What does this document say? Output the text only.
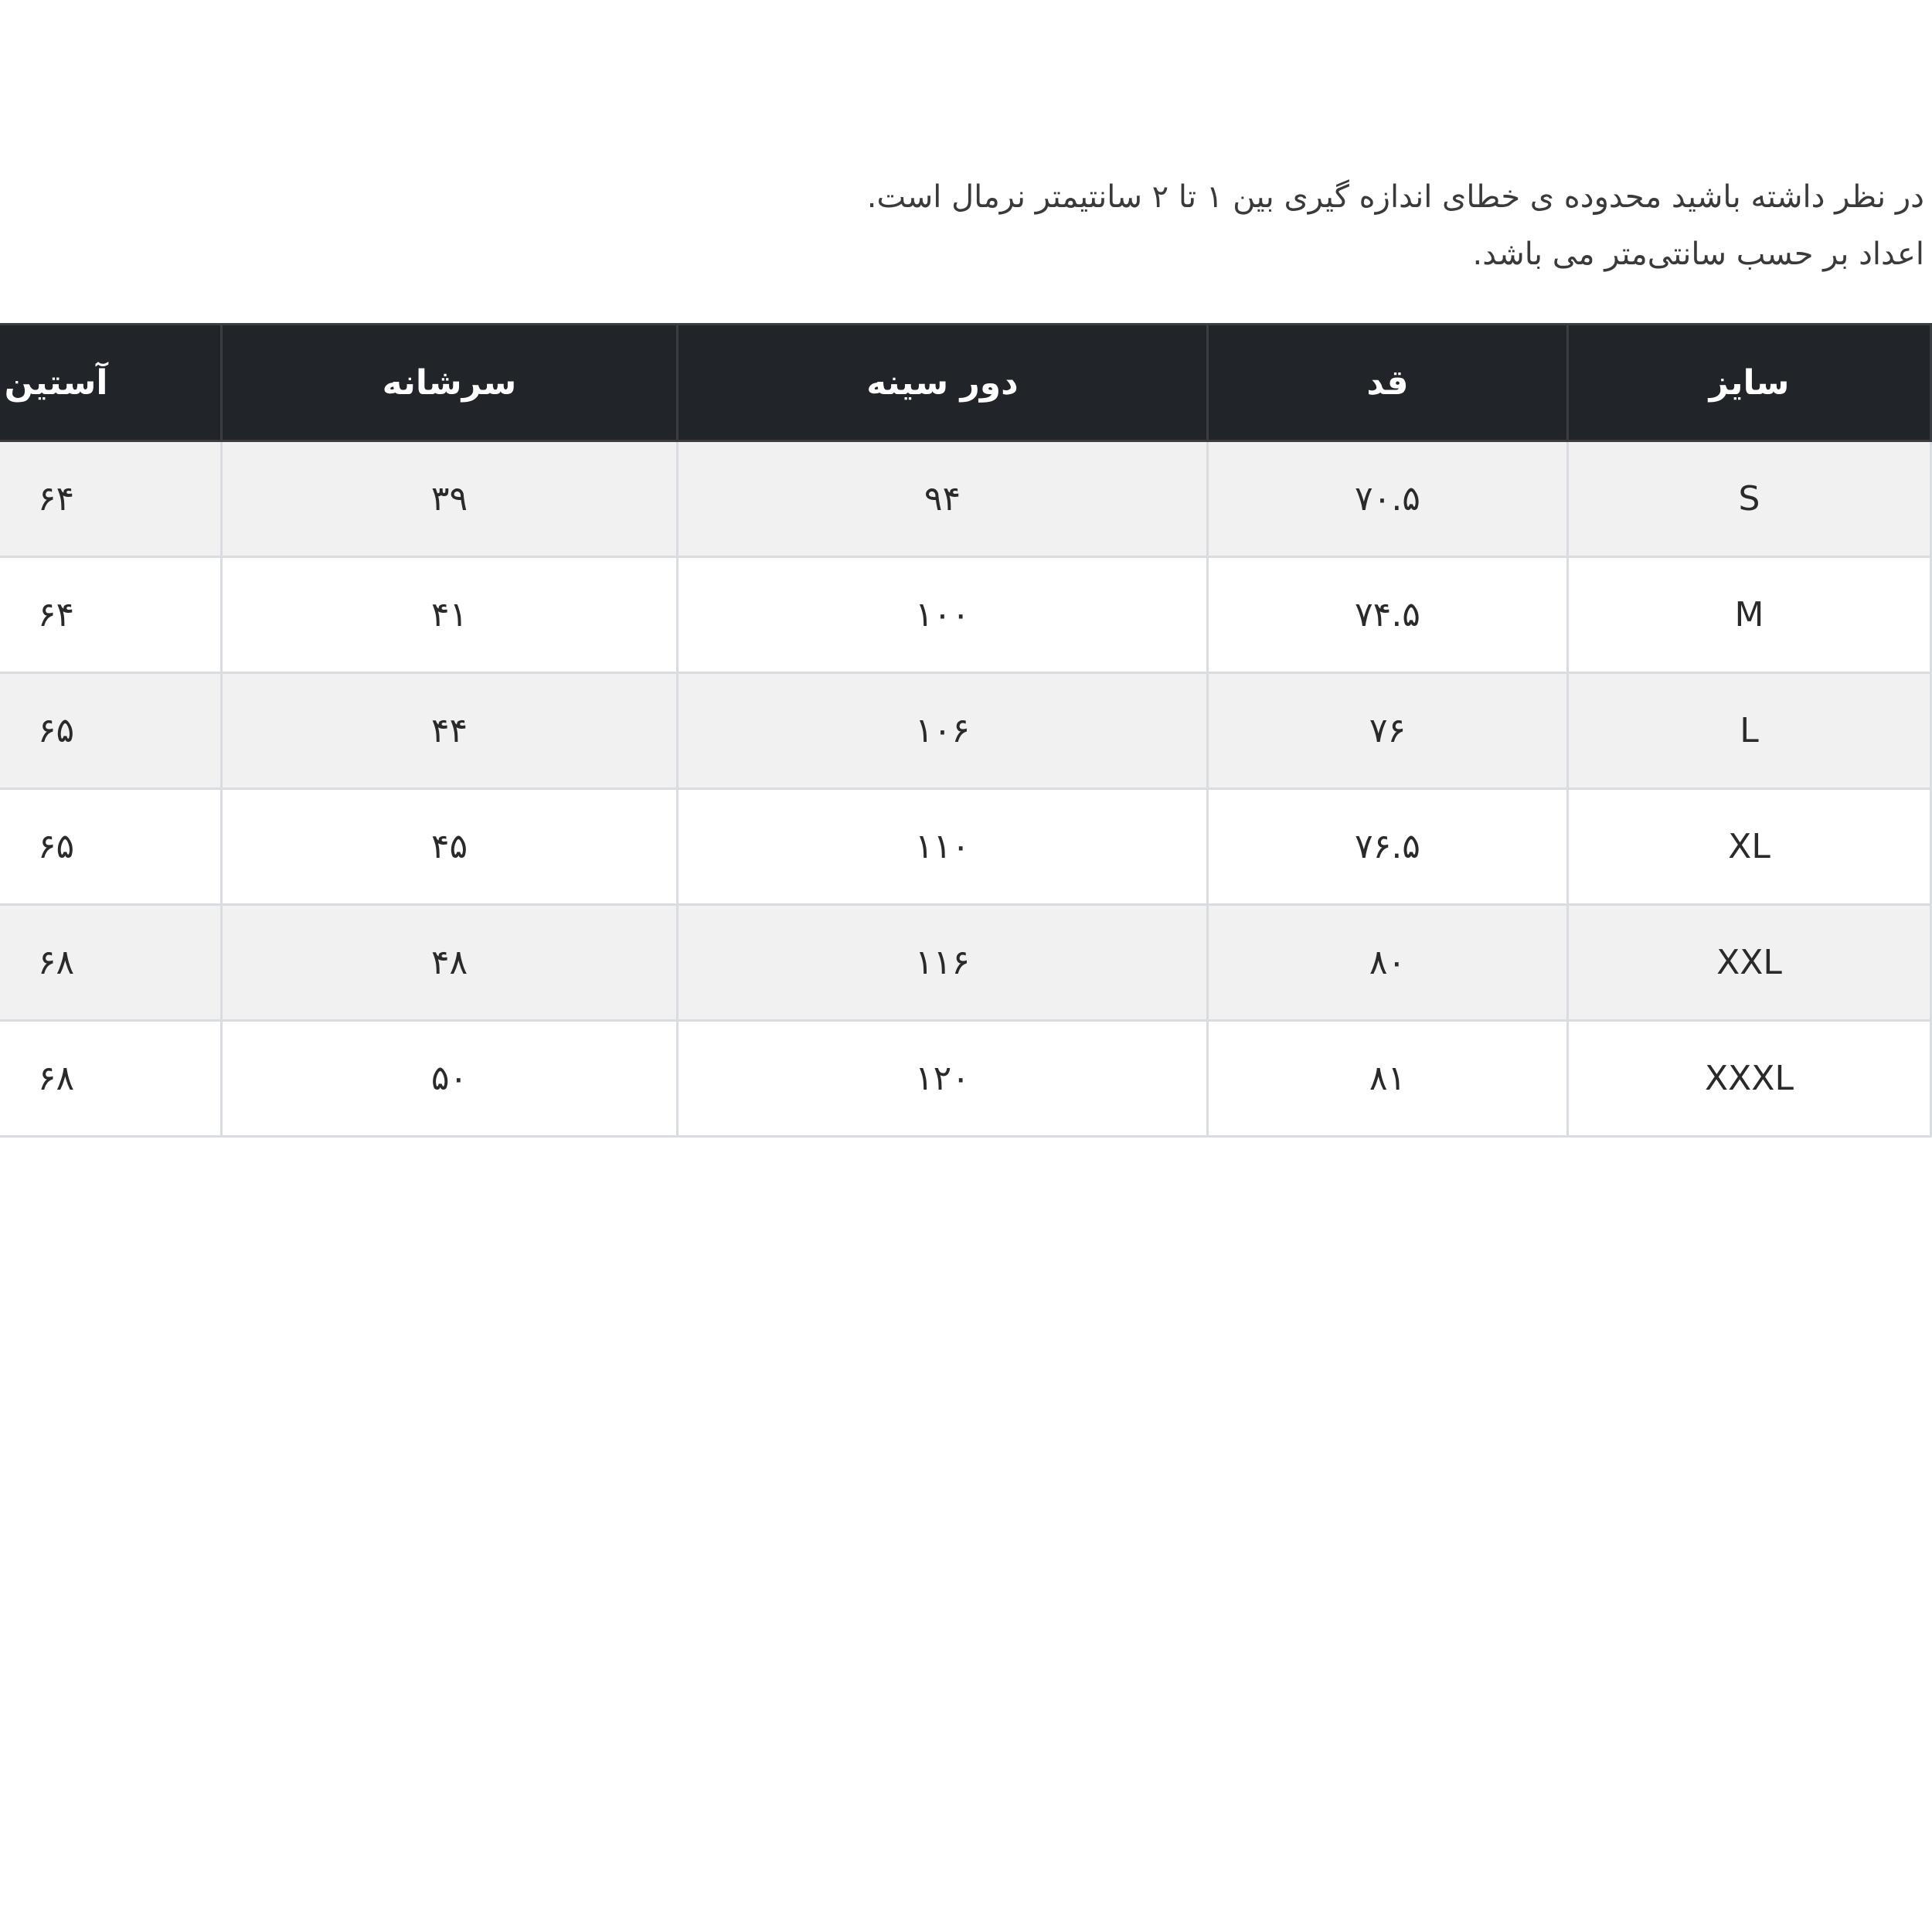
در نظر داشته باشید محدوده ی خطای اندازه گیری بین ۱ تا ۲ سانتیمتر نرمال است.
اعداد بر حسب سانتی‌متر می باشد.
سایز	قد	دور سینه	سرشانه	آستین
S	۷۰.۵	۹۴	۳۹	۶۴
M	۷۴.۵	۱۰۰	۴۱	۶۴
L	۷۶	۱۰۶	۴۴	۶۵
XL	۷۶.۵	۱۱۰	۴۵	۶۵
XXL	۸۰	۱۱۶	۴۸	۶۸
XXXL	۸۱	۱۲۰	۵۰	۶۸
